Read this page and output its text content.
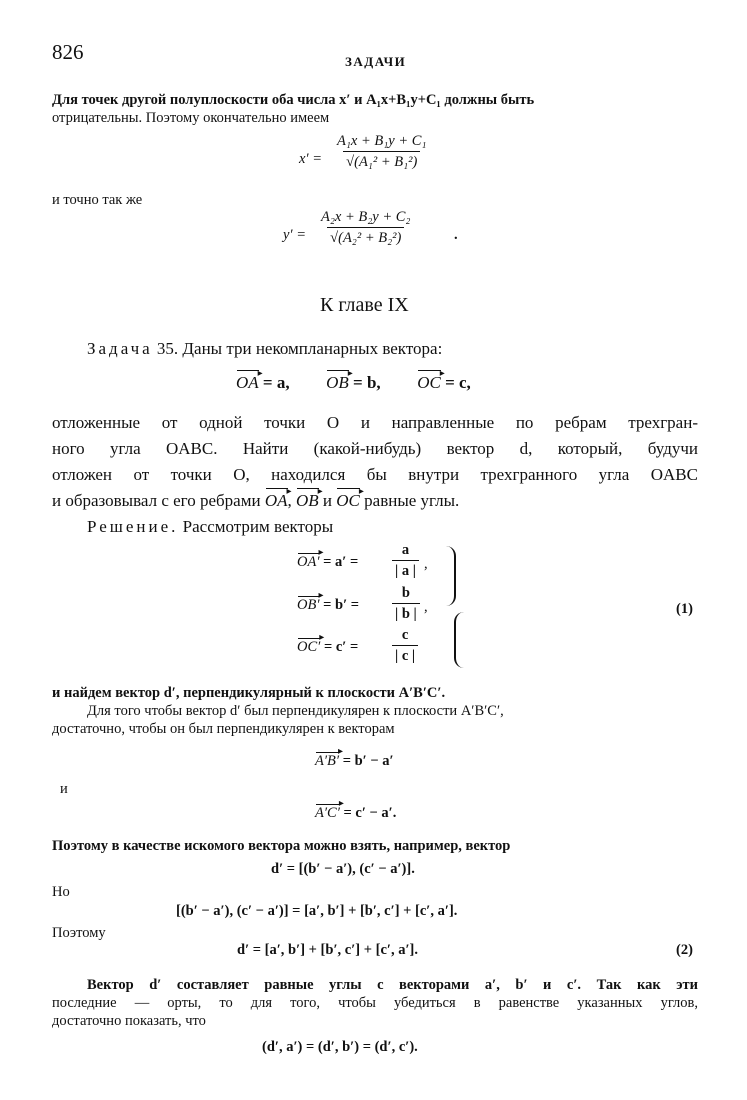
826	ЗАДАЧИ
Для точек другой полуплоскости оба числа x′ и A₁x+B₁y+C₁ должны быть
отрицательны. Поэтому окончательно имеем
$x' = \frac{\text{A₁x + B₁y + C₁}}{\text{√(A₁² + B₁²)}}$
и точно так же
$y' = \frac{\text{A₂x + B₂y + C₂}}{\text{√(A₂² + B₂²)}}$	.
К главе IX
Задача 35. Даны три некомпланарных вектора:
OA ▸ = a, OB ▸ = b, OC ▸ = c,
отложенные от одной точки O и направленные по ребрам трехгран-
ного угла OABC. Найти (какой-нибудь) вектор d, который, будучи
отложен от точки O, находился бы внутри трехгранного угла OABC
и образовывал с его ребрами OA ▸, OB ▸ и OC ▸ равные углы.
Решение. Рассмотрим векторы
OA′ ▸ = $a' = \frac{a}{| a |}$ ,
OB′ ▸ = $b' = \frac{b}{| b |}$ ,
OC′ ▸ = $c' = \frac{c}{| c |}$
(1)
и найдем вектор d′, перпендикулярный к плоскости A′B′C′.
Для того чтобы вектор d′ был перпендикулярен к плоскости A′B′C′,
достаточно, чтобы он был перпендикулярен к векторам
A′B′ ▸ = b′ − a′
и
A′C′ ▸ = c′ − a′.
Поэтому в качестве искомого вектора можно взять, например, вектор
d′ = [(b′ − a′), (c′ − a′)].
Но
[(b′ − a′), (c′ − a′)] = [a′, b′] + [b′, c′] + [c′, a′].
Поэтому
d′ = [a′, b′] + [b′, c′] + [c′, a′].	(2)
Вектор d′ составляет равные углы с векторами a′, b′ и c′. Так как эти
последние — орты, то для того, чтобы убедиться в равенстве указанных углов,
достаточно показать, что
(d′, a′) = (d′, b′) = (d′, c′).
